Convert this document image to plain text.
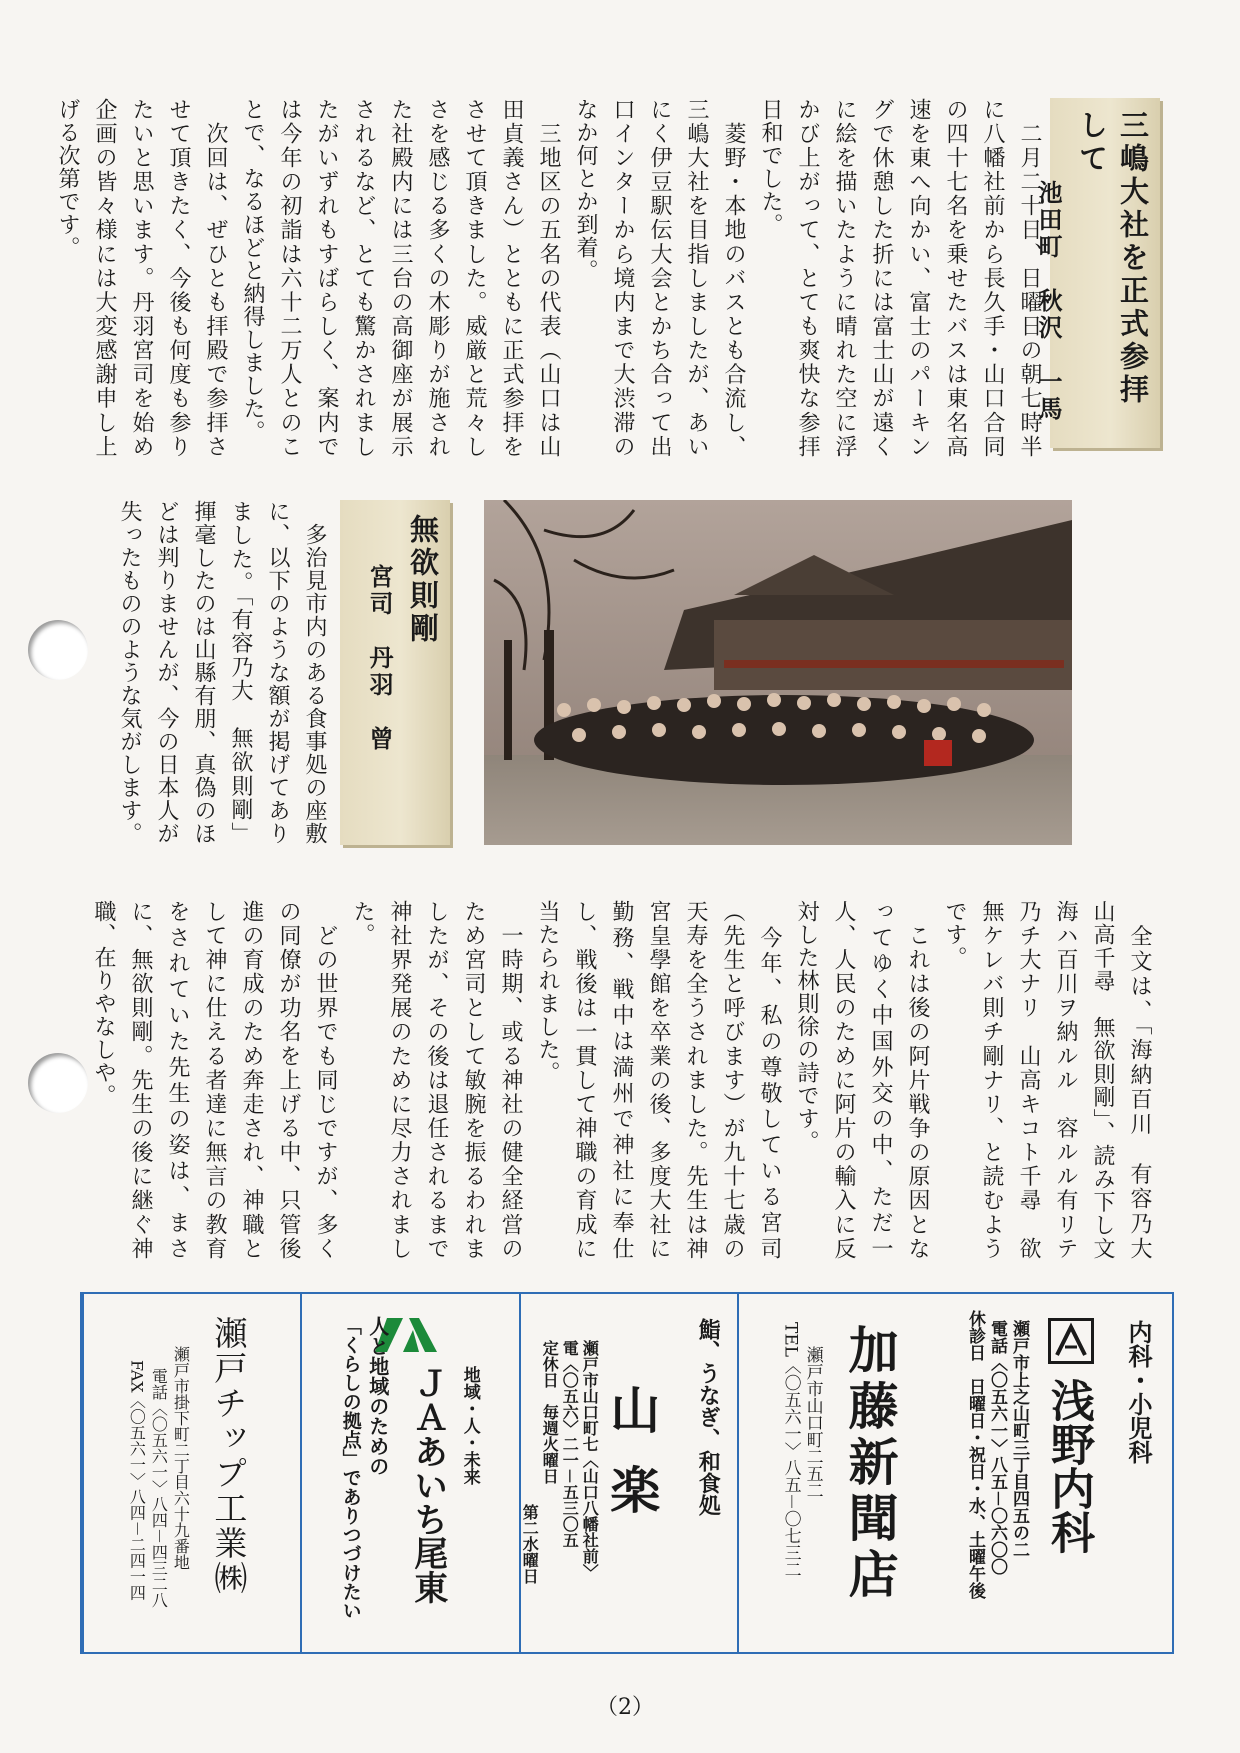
三嶋大社を正式参拝して
池田町　秋沢　一馬
　二月二十日、日曜日の朝七時半に八幡社前から長久手・山口合同の四十七名を乗せたバスは東名高速を東へ向かい、富士のパーキングで休憩した折には富士山が遠くに絵を描いたように晴れた空に浮かび上がって、とても爽快な参拝日和でした。
　菱野・本地のバスとも合流し、三嶋大社を目指しましたが、あいにく伊豆駅伝大会とかち合って出口インターから境内まで大渋滞のなか何とか到着。
　三地区の五名の代表（山口は山田貞義さん）とともに正式参拝をさせて頂きました。威厳と荒々しさを感じる多くの木彫りが施された社殿内には三台の高御座が展示されるなど、とても驚かされましたがいずれもすばらしく、案内では今年の初詣は六十二万人とのことで、なるほどと納得しました。
　次回は、ぜひとも拝殿で参拝させて頂きたく、今後も何度も参りたいと思います。丹羽宮司を始め企画の皆々様には大変感謝申し上げる次第です。
無欲則剛
宮司　丹羽　曾
　多治見市内のある食事処の座敷に、以下のような額が掲げてありました。「有容乃大　無欲則剛」揮毫したのは山縣有朋、真偽のほどは判りませんが、今の日本人が失ったもののような気がします。
　全文は、「海納百川　有容乃大　山高千尋　無欲則剛」、読み下し文　海ハ百川ヲ納ルル　容ルル有リテ乃チ大ナリ　山高キコト千尋　欲無ケレバ則チ剛ナリ、と読むようです。
　これは後の阿片戦争の原因となってゆく中国外交の中、ただ一人、人民のために阿片の輸入に反対した林則徐の詩です。
　今年、私の尊敬している宮司（先生と呼びます）が九十七歳の天寿を全うされました。先生は神宮皇學館を卒業の後、多度大社に勤務、戦中は満州で神社に奉仕し、戦後は一貫して神職の育成に当たられました。
　一時期、或る神社の健全経営のため宮司として敏腕を振るわれましたが、その後は退任されるまで神社界発展のために尽力されました。
　どの世界でも同じですが、多くの同僚が功名を上げる中、只管後進の育成のため奔走され、神職として神に仕える者達に無言の教育をされていた先生の姿は、まさに、無欲則剛。先生の後に継ぐ神職、在りやなしや。
内科・小児科
浅野内科
瀬戸市上之山町三丁目四五の二
電話〈〇五六一〉八五－〇六〇〇
休診日　日曜日・祝日・水、土曜午後
加藤新聞店
瀬戸市山口町二五二
TEL〈〇五六一〉八五－〇七三二
鮨、うなぎ、和食処
山楽
瀬戸市山口町七〈山口八幡社前〉
電〈〇五六〉二一－五三〇五
定休日　毎週火曜日
第二水曜日
地域・人・未来
ＪＡあいち尾東
人と地域のための
「くらしの拠点」でありつづけたい
瀬戸チップ工業㈱
瀬戸市掛下町二丁目六十九番地
電話〈〇五六一〉八四－四三二八
FAX〈〇五六一〉八四－二四一四
（2）
